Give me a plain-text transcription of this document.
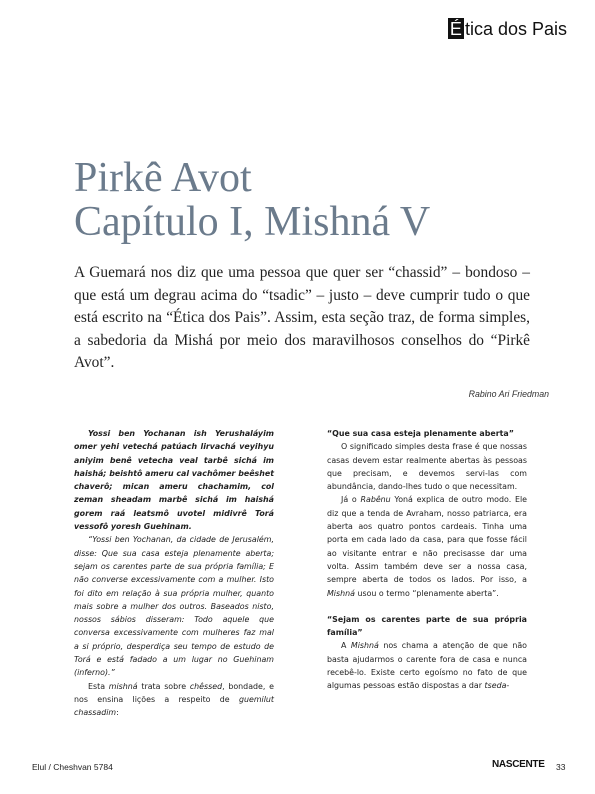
É tica dos Pais
Pirkê Avot
Capítulo I, Mishná V

A Guemará nos diz que uma pessoa que quer ser “chassid” – bondoso – que está um degrau acima do “tsadic” – justo – deve cumprir tudo o que está escrito na “Ética dos Pais”. Assim, esta seção traz, de forma simples, a sabedoria da Mishá por meio dos maravilhosos conselhos do “Pirkê Avot”.

Rabino Ari Friedman

Yossi ben Yochanan ish Yerushaláyim omer yehi vetechá patúach lirvachá veyihyu aniyim benê vetecha veal tarbê sichá im haishá; beishtô ameru cal vachômer beêshet chaverô; mican ameru chachamim, col zeman sheadam marbê sichá im haishá gorem raá leatsmô uvotel midivrê Torá vessofô yoresh Guehinam.

“Yossi ben Yochanan, da cidade de Jerusalém, disse: Que sua casa esteja plenamente aberta; sejam os carentes parte de sua própria família; E não converse excessivamente com a mulher. Isto foi dito em relação à sua própria mulher, quanto mais sobre a mulher dos outros. Baseados nisto, nossos sábios disseram: Todo aquele que conversa excessivamente com mulheres faz mal a si próprio, desperdiça seu tempo de estudo de Torá e está fadado a um lugar no Guehinam (inferno).”

Esta mishná trata sobre chêssed, bondade, e nos ensina lições a respeito de guemilut chassadim:

“Que sua casa esteja plenamente aberta”

O significado simples desta frase é que nossas casas devem estar realmente abertas às pessoas que precisam, e devemos servi-las com abundância, dando-lhes tudo o que necessitam.

Já o Rabênu Yoná explica de outro modo. Ele diz que a tenda de Avraham, nosso patriarca, era aberta aos quatro pontos cardeais. Tinha uma porta em cada lado da casa, para que fosse fácil ao visitante entrar e não precisasse dar uma volta. Assim também deve ser a nossa casa, sempre aberta de todos os lados. Por isso, a Mishná usou o termo “plenamente aberta”.

“Sejam os carentes parte de sua própria família”

A Mishná nos chama a atenção de que não basta ajudarmos o carente fora de casa e nunca recebê-lo. Existe certo egoísmo no fato de que algumas pessoas estão dispostas a dar tseda-

Elul / Cheshvan 5784	NASCENTE 33
